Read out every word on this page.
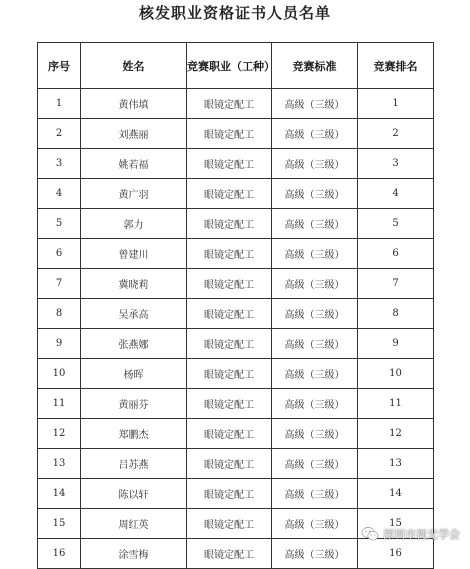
核发职业资格证书人员名单
序号	姓名	竞赛职业（工种）	竞赛标准	竞赛排名
1	黄伟填	眼镜定配工	高级（三级）	1
2	刘燕丽	眼镜定配工	高级（三级）	2
3	姚若福	眼镜定配工	高级（三级）	3
4	黄广羽	眼镜定配工	高级（三级）	4
5	郭力	眼镜定配工	高级（三级）	5
6	曾建川	眼镜定配工	高级（三级）	6
7	冀晓莉	眼镜定配工	高级（三级）	7
8	吴承高	眼镜定配工	高级（三级）	8
9	张燕娜	眼镜定配工	高级（三级）	9
10	杨晖	眼镜定配工	高级（三级）	10
11	黄丽芬	眼镜定配工	高级（三级）	11
12	郑鹏杰	眼镜定配工	高级（三级）	12
13	吕苏燕	眼镜定配工	高级（三级）	13
14	陈以轩	眼镜定配工	高级（三级）	14
15	周红英	眼镜定配工	高级（三级）	15
16	涂雪梅	眼镜定配工	高级（三级）	16
深圳市视光学会
